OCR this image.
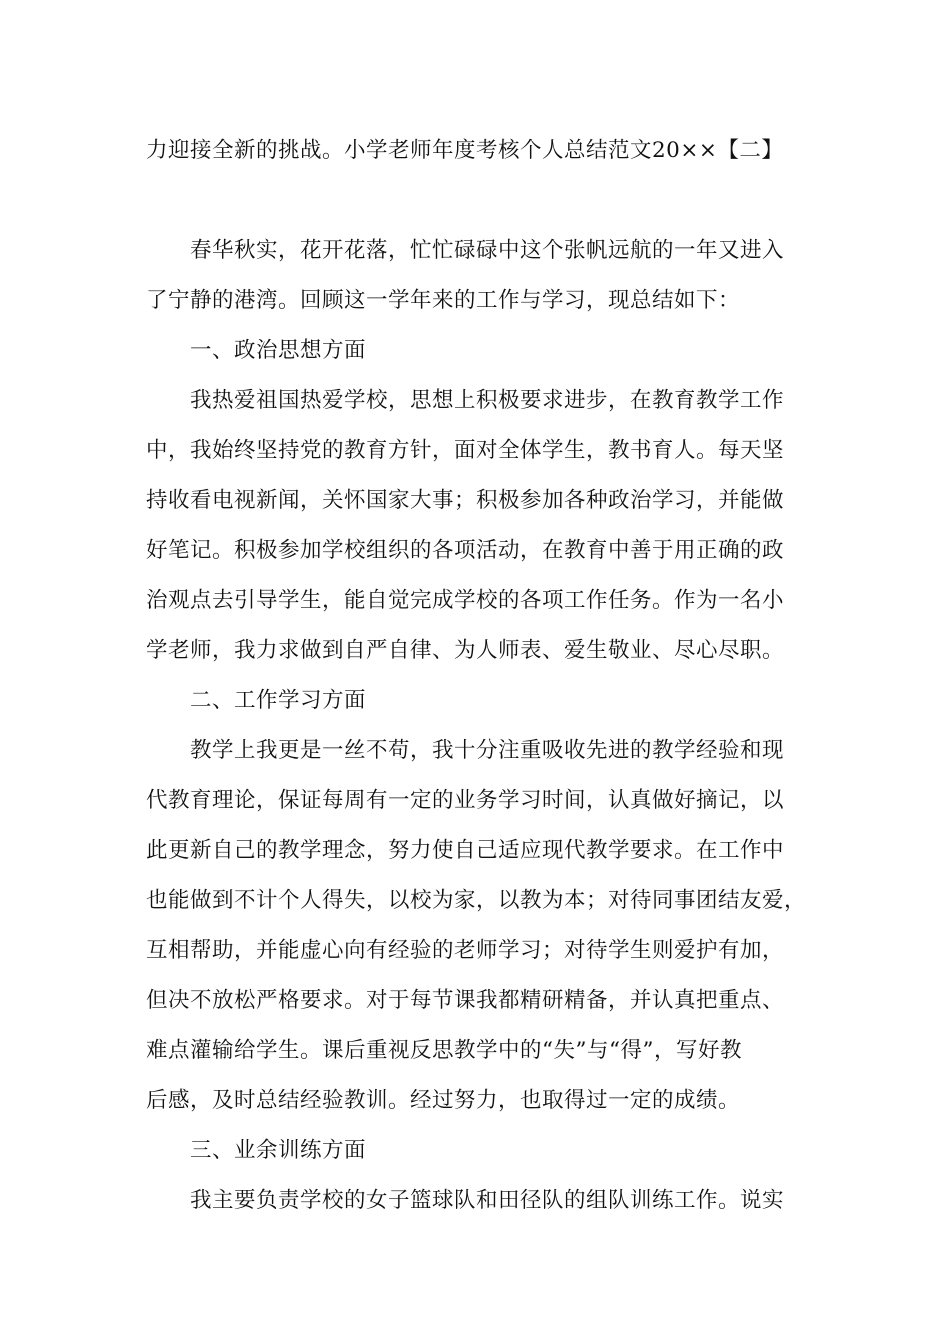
力迎接全新的挑战。小学老师年度考核个人总结范文20××【二】
春华秋实，花开花落，忙忙碌碌中这个张帆远航的一年又进入
了宁静的港湾。回顾这一学年来的工作与学习，现总结如下：
一、政治思想方面
我热爱祖国热爱学校，思想上积极要求进步，在教育教学工作
中，我始终坚持党的教育方针，面对全体学生，教书育人。每天坚
持收看电视新闻，关怀国家大事；积极参加各种政治学习，并能做
好笔记。积极参加学校组织的各项活动，在教育中善于用正确的政
治观点去引导学生，能自觉完成学校的各项工作任务。作为一名小
学老师，我力求做到自严自律、为人师表、爱生敬业、尽心尽职。
二、工作学习方面
教学上我更是一丝不苟，我十分注重吸收先进的教学经验和现
代教育理论，保证每周有一定的业务学习时间，认真做好摘记，以
此更新自己的教学理念，努力使自己适应现代教学要求。在工作中
也能做到不计个人得失，以校为家，以教为本；对待同事团结友爱，
互相帮助，并能虚心向有经验的老师学习；对待学生则爱护有加，
但决不放松严格要求。对于每节课我都精研精备，并认真把重点、
难点灌输给学生。课后重视反思教学中的“失”与“得”，写好教
后感，及时总结经验教训。经过努力，也取得过一定的成绩。
三、业余训练方面
我主要负责学校的女子篮球队和田径队的组队训练工作。说实
